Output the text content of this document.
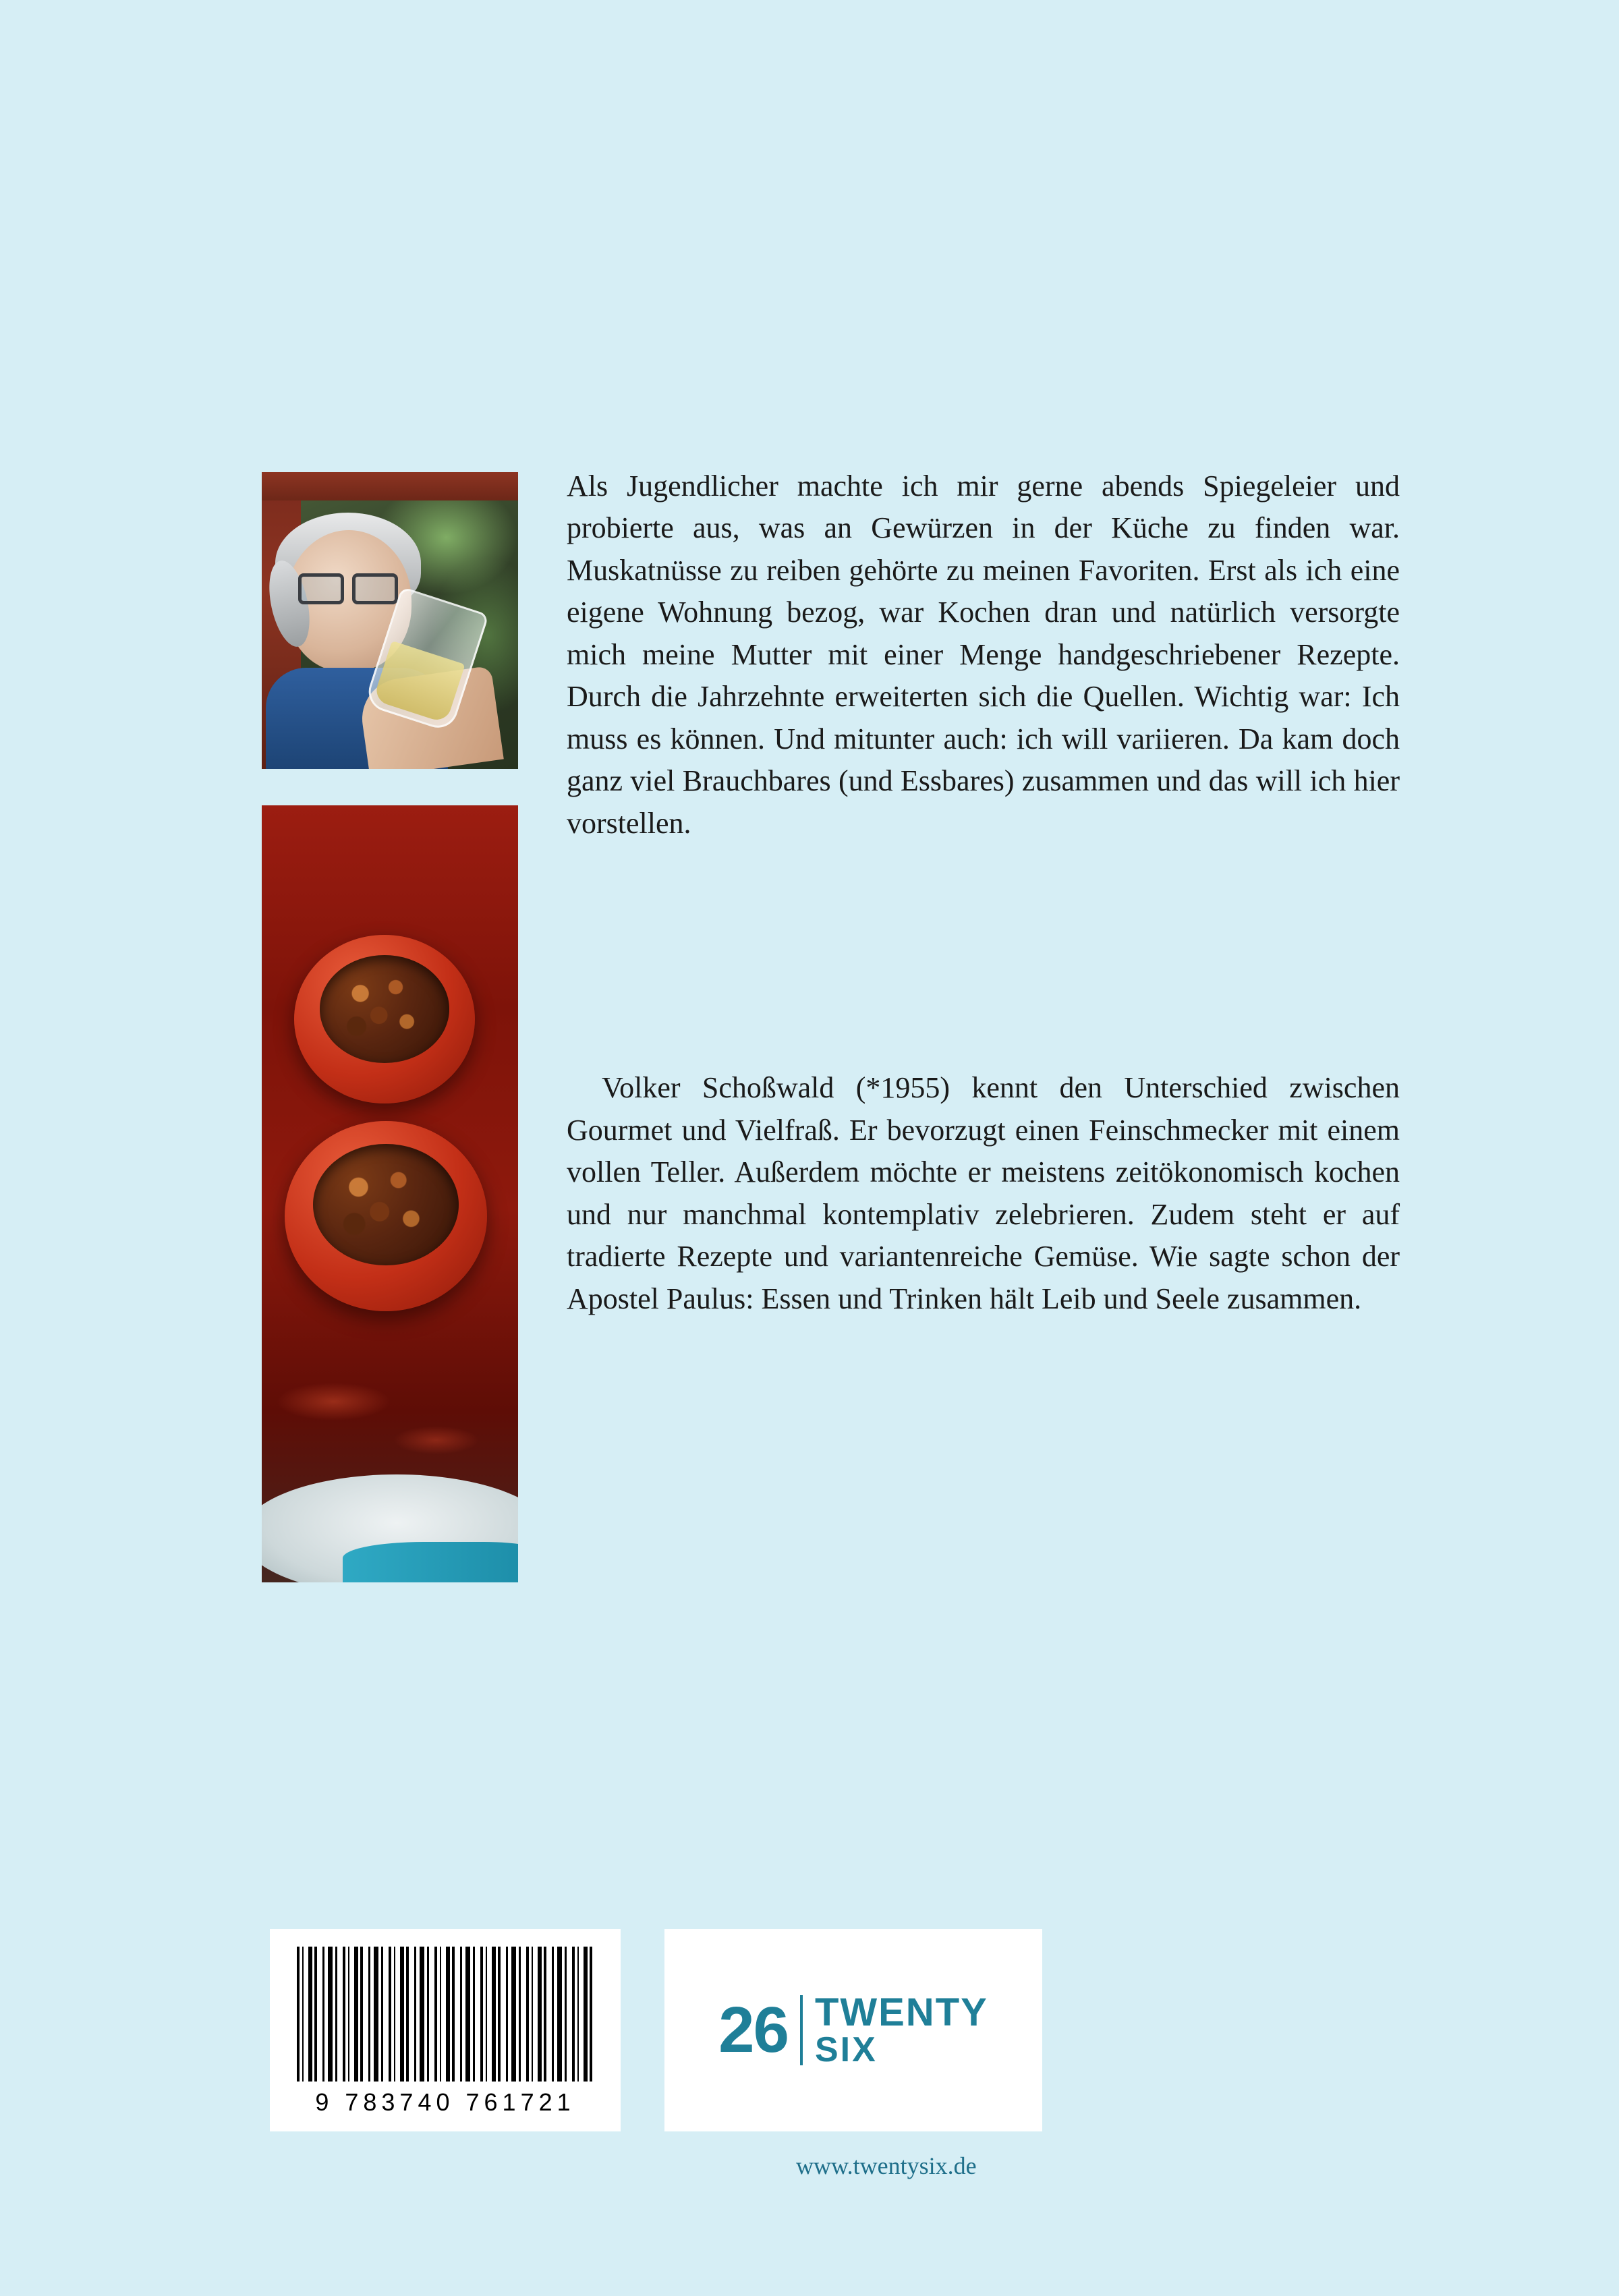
Als Jugendlicher machte ich mir gerne abends Spiegeleier und probierte aus, was an Gewürzen in der Küche zu finden war. Muskatnüsse zu reiben gehörte zu meinen Favoriten. Erst als ich eine eigene Wohnung bezog, war Kochen dran und natürlich versorgte mich meine Mutter mit einer Menge handgeschriebener Rezepte. Durch die Jahrzehnte erweiterten sich die Quellen. Wichtig war: Ich muss es können. Und mitunter auch: ich will variieren. Da kam doch ganz viel Brauchbares (und Essbares) zusammen und das will ich hier vorstellen.

Volker Schoßwald (*1955) kennt den Unterschied zwischen Gourmet und Vielfraß. Er bevorzugt einen Feinschmecker mit einem vollen Teller. Außerdem möchte er meistens zeitökonomisch kochen und nur manchmal kontemplativ zelebrieren. Zudem steht er auf tradierte Rezepte und variantenreiche Gemüse. Wie sagte schon der Apostel Paulus: Essen und Trinken hält Leib und Seele zusammen.

9 783740 761721
26 TWENTY
SIX
www.twentysix.de
